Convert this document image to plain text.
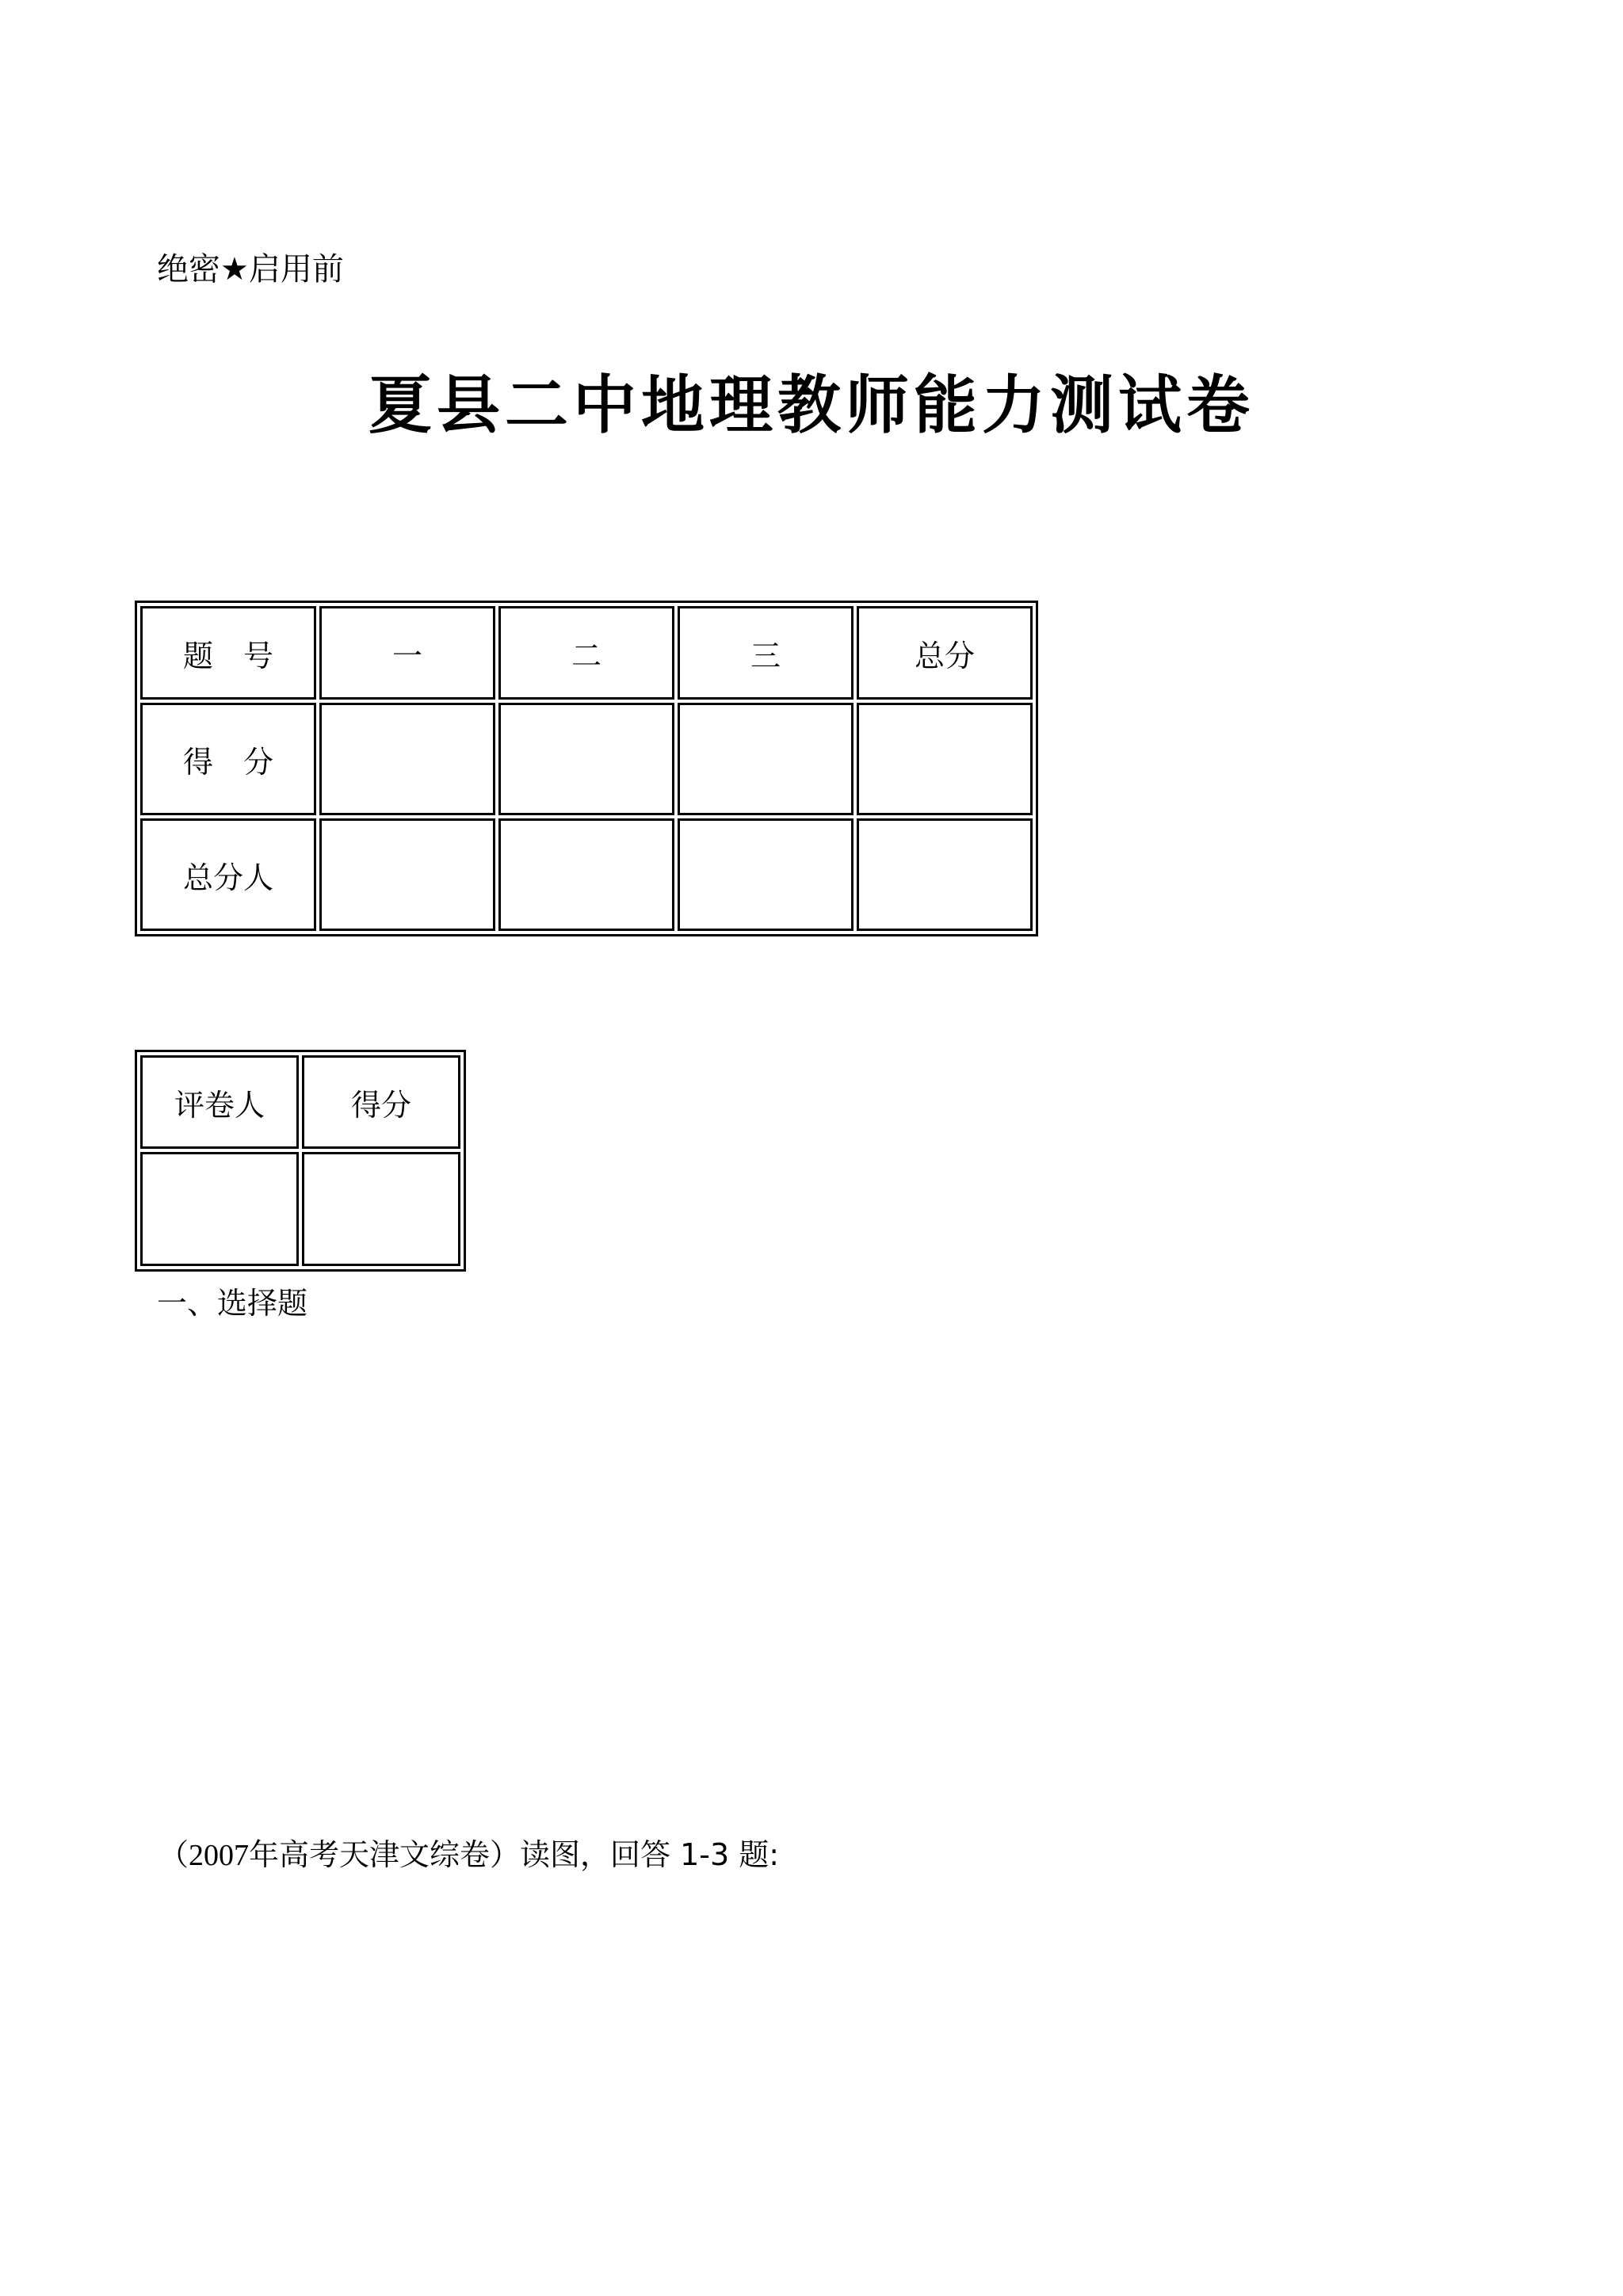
绝密★启用前
夏县二中地理教师能力测试卷
题　号	一	二	三	总分
得　分				
总分人				
评卷人	得分

一、选择题
（2007年高考天津文综卷）读图，回答 1-3 题:
